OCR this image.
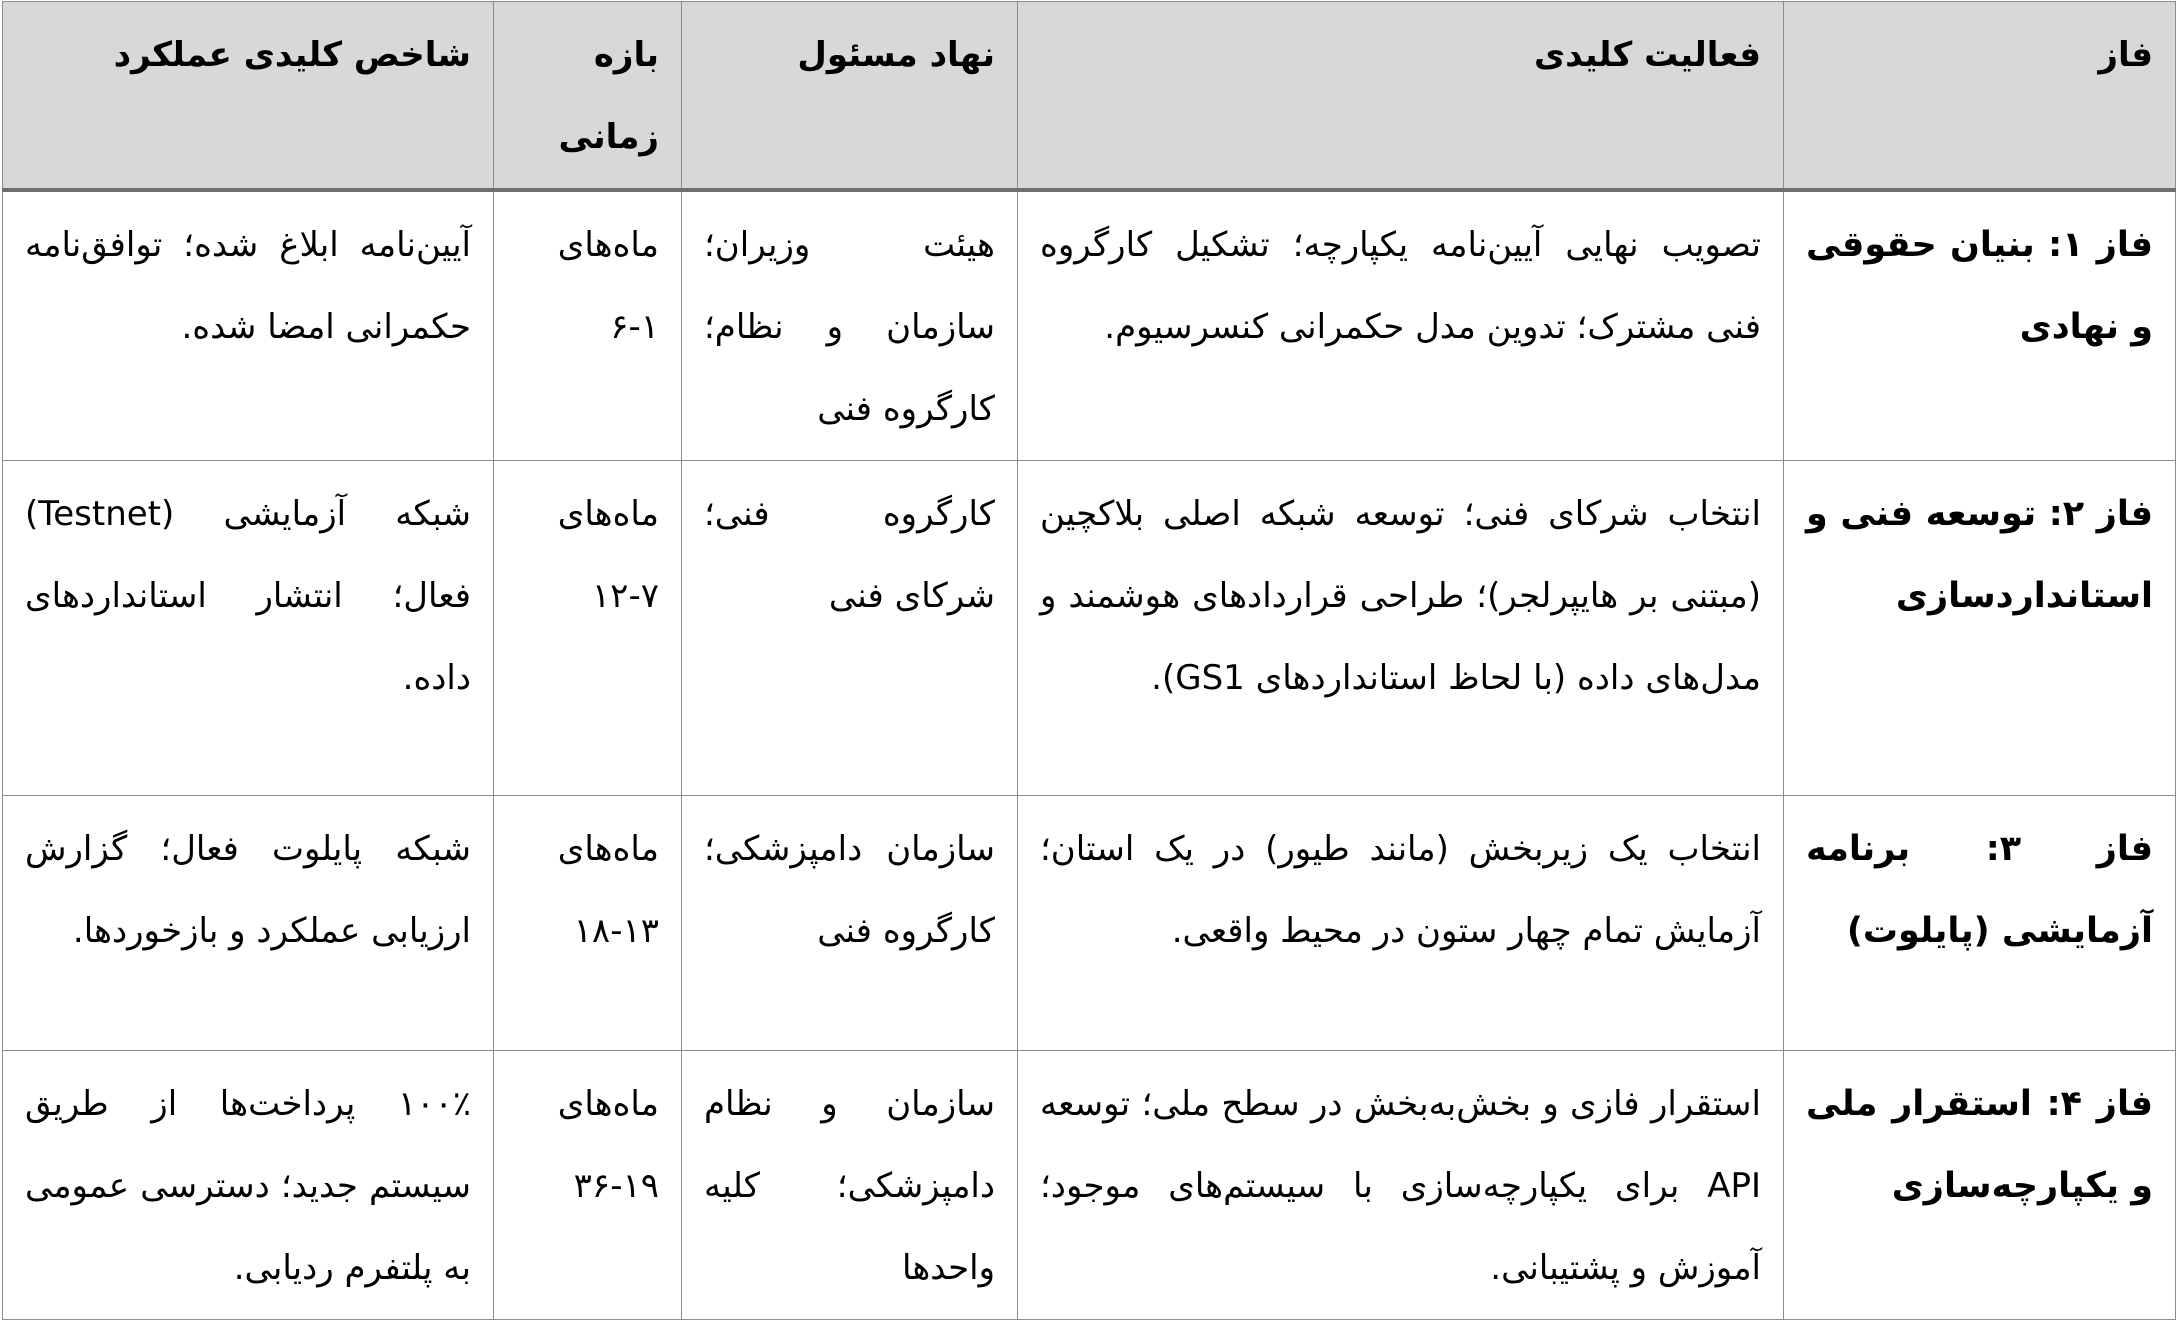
فاز	فعالیت کلیدی	نهاد مسئول	بازه زمانی	شاخص کلیدی عملکرد
فاز ۱: بنیان حقوقی و نهادی	تصویب نهایی آیین‌نامه یکپارچه؛ تشکیل کارگروه فنی مشترک؛ تدوین مدل حکمرانی کنسرسیوم.	هیئت وزیران؛ سازمان و نظام؛ کارگروه فنی	ماه‌های ۱-۶	آیین‌نامه ابلاغ شده؛ توافق‌نامه حکمرانی امضا شده.
فاز ۲: توسعه فنی و استانداردسازی	انتخاب شرکای فنی؛ توسعه شبکه اصلی بلاکچین (مبتنی بر هایپرلجر)؛ طراحی قراردادهای هوشمند و مدل‌های داده (با لحاظ استانداردهای GS1).	کارگروه فنی؛ شرکای فنی	ماه‌های ۷-۱۲	شبکه آزمایشی (Testnet) فعال؛ انتشار استانداردهای داده.
فاز ۳: برنامه آزمایشی (پایلوت)	انتخاب یک زیربخش (مانند طیور) در یک استان؛ آزمایش تمام چهار ستون در محیط واقعی.	سازمان دامپزشکی؛ کارگروه فنی	ماه‌های ۱۳-۱۸	شبکه پایلوت فعال؛ گزارش ارزیابی عملکرد و بازخوردها.
فاز ۴: استقرار ملی و یکپارچه‌سازی	استقرار فازی و بخش‌به‌بخش در سطح ملی؛ توسعه API برای یکپارچه‌سازی با سیستم‌های موجود؛ آموزش و پشتیبانی.	سازمان و نظام دامپزشکی؛ کلیه واحدها	ماه‌های ۱۹-۳۶	۱۰۰٪ پرداخت‌ها از طریق سیستم جدید؛ دسترسی عمومی به پلتفرم ردیابی.
